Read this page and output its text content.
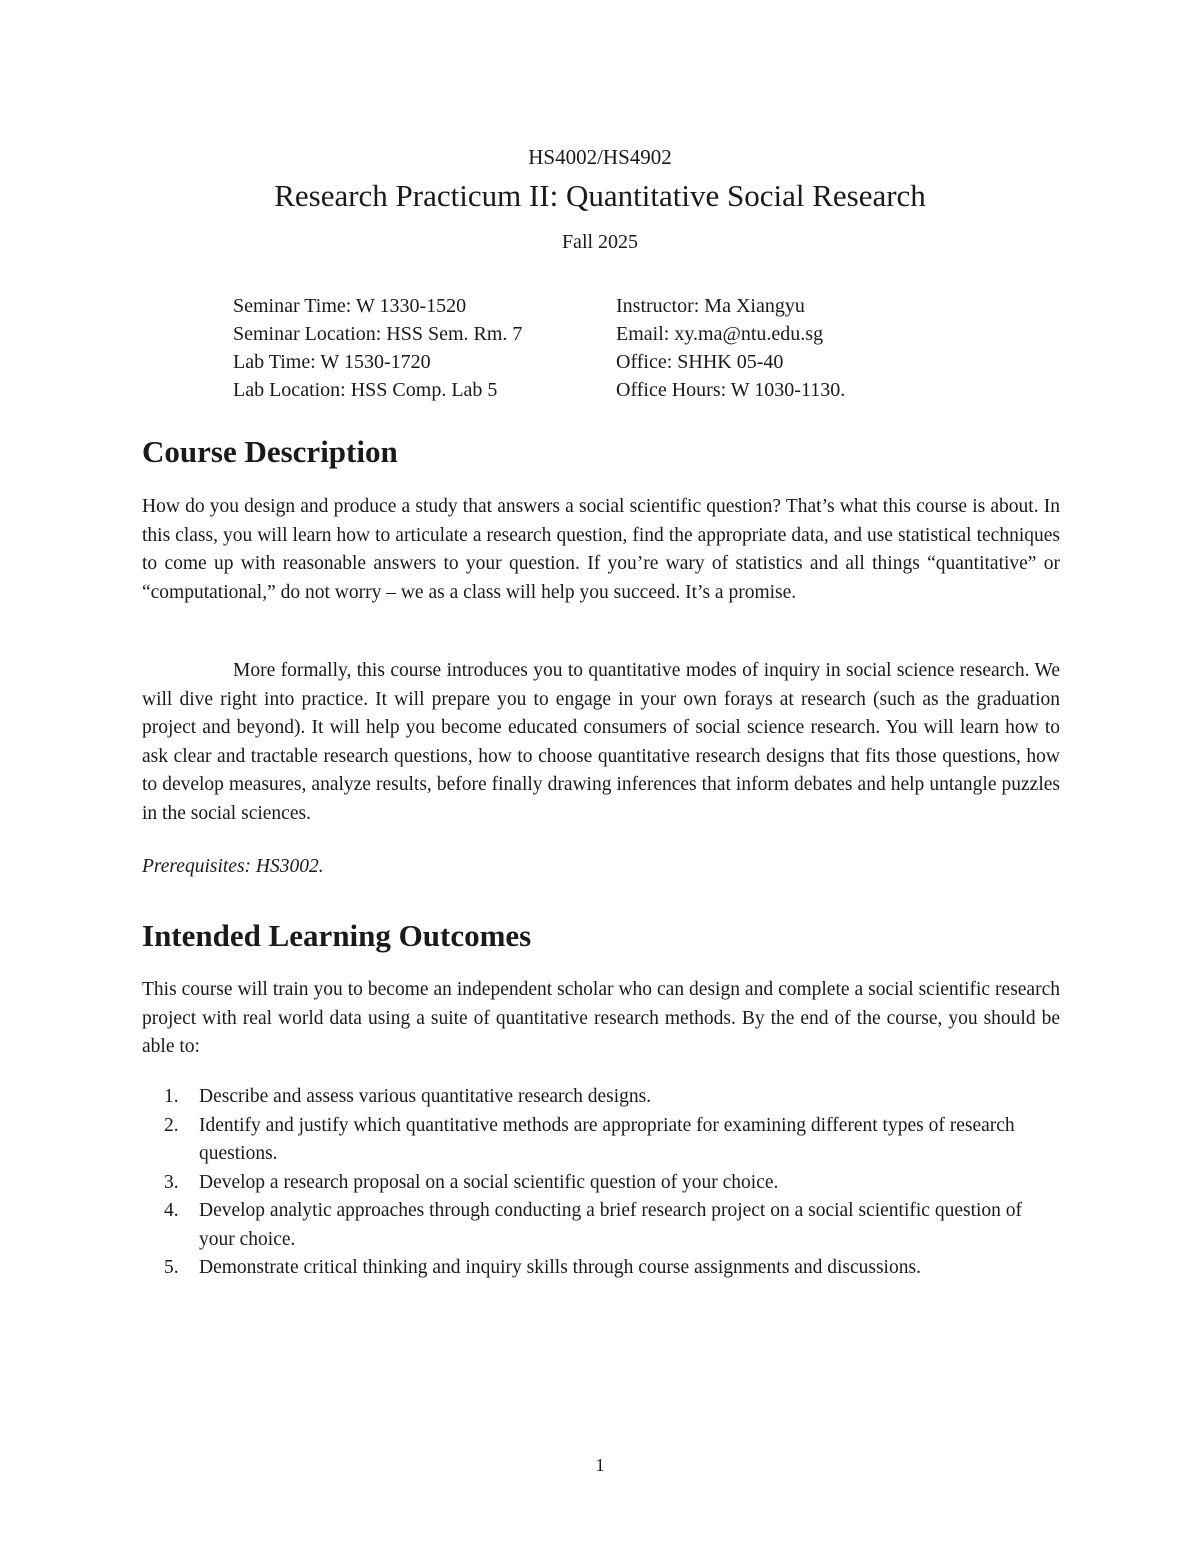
HS4002/HS4902
Research Practicum II: Quantitative Social Research
Fall 2025
Seminar Time: W 1330-1520
Seminar Location: HSS Sem. Rm. 7
Lab Time: W 1530-1720
Lab Location: HSS Comp. Lab 5
Instructor: Ma Xiangyu
Email: xy.ma@ntu.edu.sg
Office: SHHK 05-40
Office Hours: W 1030-1130.
Course Description
How do you design and produce a study that answers a social scientific question? That’s what this course is about. In this class, you will learn how to articulate a research question, find the appropriate data, and use statistical techniques to come up with reasonable answers to your question. If you’re wary of statistics and all things “quantitative” or “computational,” do not worry – we as a class will help you succeed. It’s a promise.
More formally, this course introduces you to quantitative modes of inquiry in social science research. We will dive right into practice. It will prepare you to engage in your own forays at research (such as the graduation project and beyond). It will help you become educated consumers of social science research. You will learn how to ask clear and tractable research questions, how to choose quantitative research designs that fits those questions, how to develop measures, analyze results, before finally drawing inferences that inform debates and help untangle puzzles in the social sciences.
Prerequisites: HS3002.
Intended Learning Outcomes
This course will train you to become an independent scholar who can design and complete a social scientific research project with real world data using a suite of quantitative research methods. By the end of the course, you should be able to:
1. Describe and assess various quantitative research designs.
2. Identify and justify which quantitative methods are appropriate for examining different types of research questions.
3. Develop a research proposal on a social scientific question of your choice.
4. Develop analytic approaches through conducting a brief research project on a social scientific question of your choice.
5. Demonstrate critical thinking and inquiry skills through course assignments and discussions.
1
